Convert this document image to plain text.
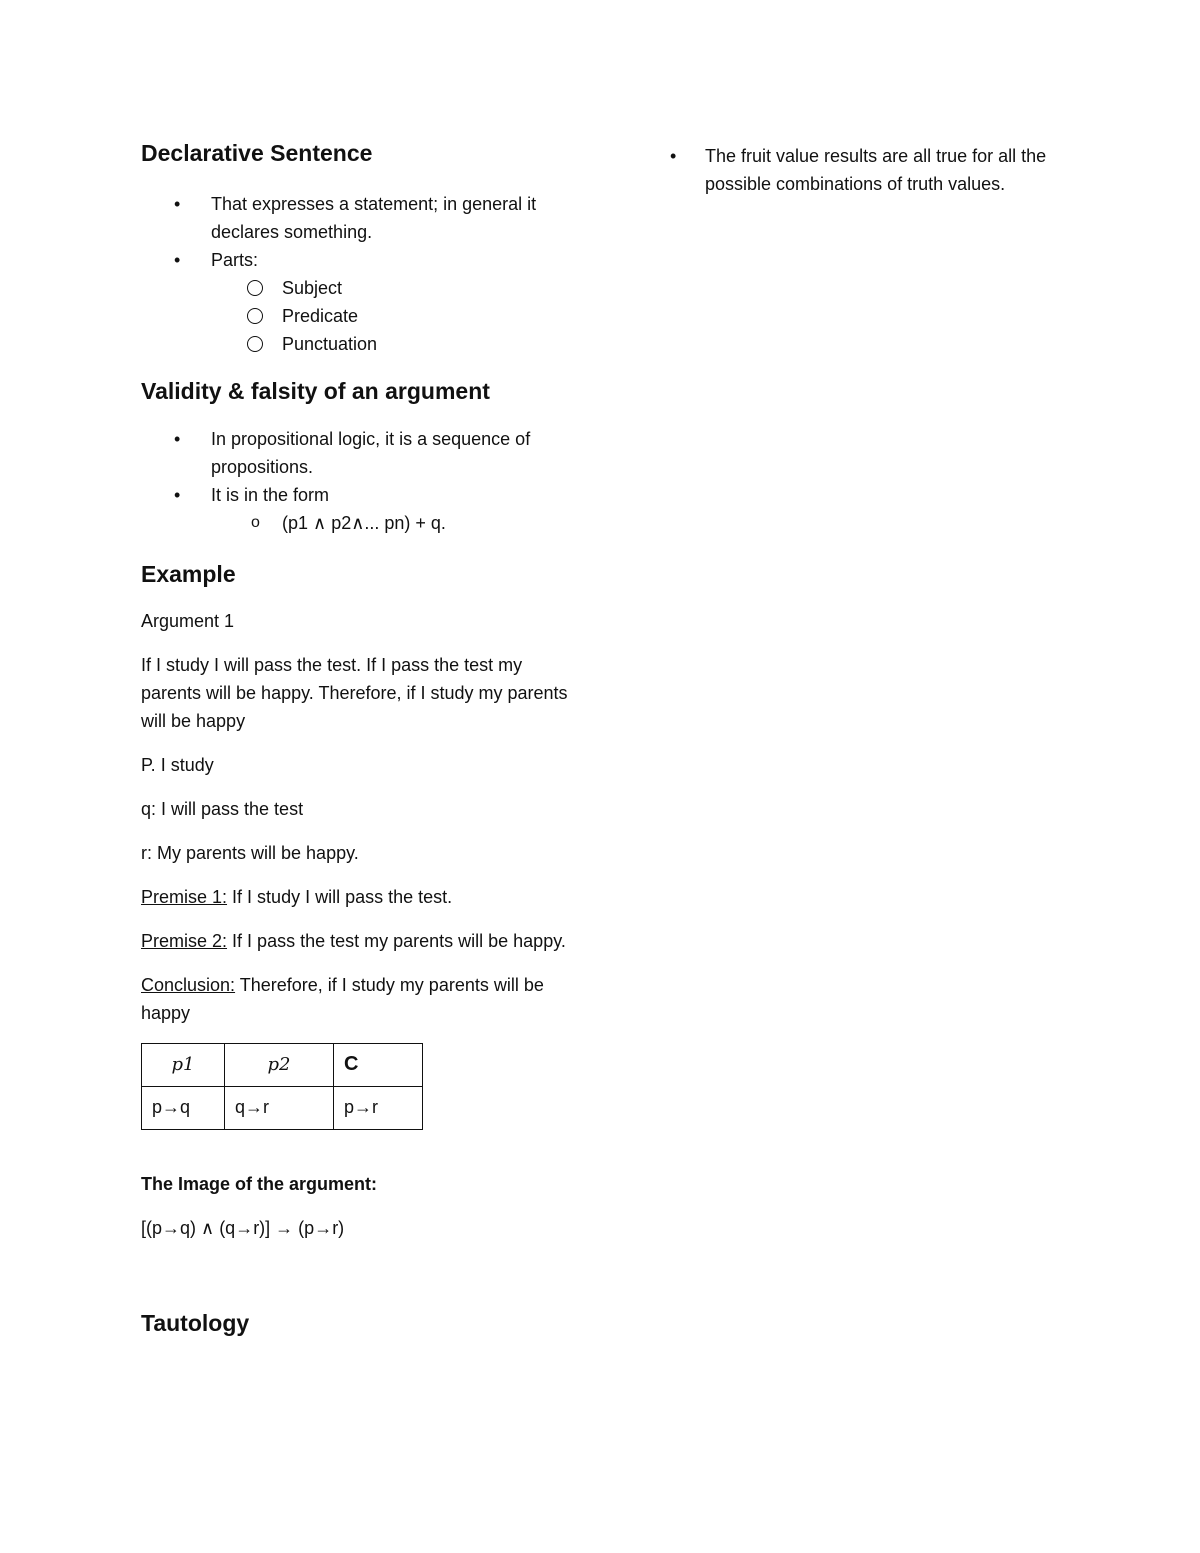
Declarative Sentence
• That expresses a statement; in general it declares something.
• Parts:
Subject
Predicate
Punctuation
Validity & falsity of an argument
• In propositional logic, it is a sequence of propositions.
• It is in the form
o (p1 ∧ p2∧... pn) + q.
Example

Argument 1

If I study I will pass the test. If I pass the test my parents will be happy. Therefore, if I study my parents will be happy

P. I study

q: I will pass the test

r: My parents will be happy.

Premise 1: If I study I will pass the test.

Premise 2: If I pass the test my parents will be happy.

Conclusion: Therefore, if I study my parents will be happy

p1	p2	C
p→q	q→r	p→r

The Image of the argument:

[(p→q) ∧ (q→r)] → (p→r)

Tautology
• The fruit value results are all true for all the possible combinations of truth values.
